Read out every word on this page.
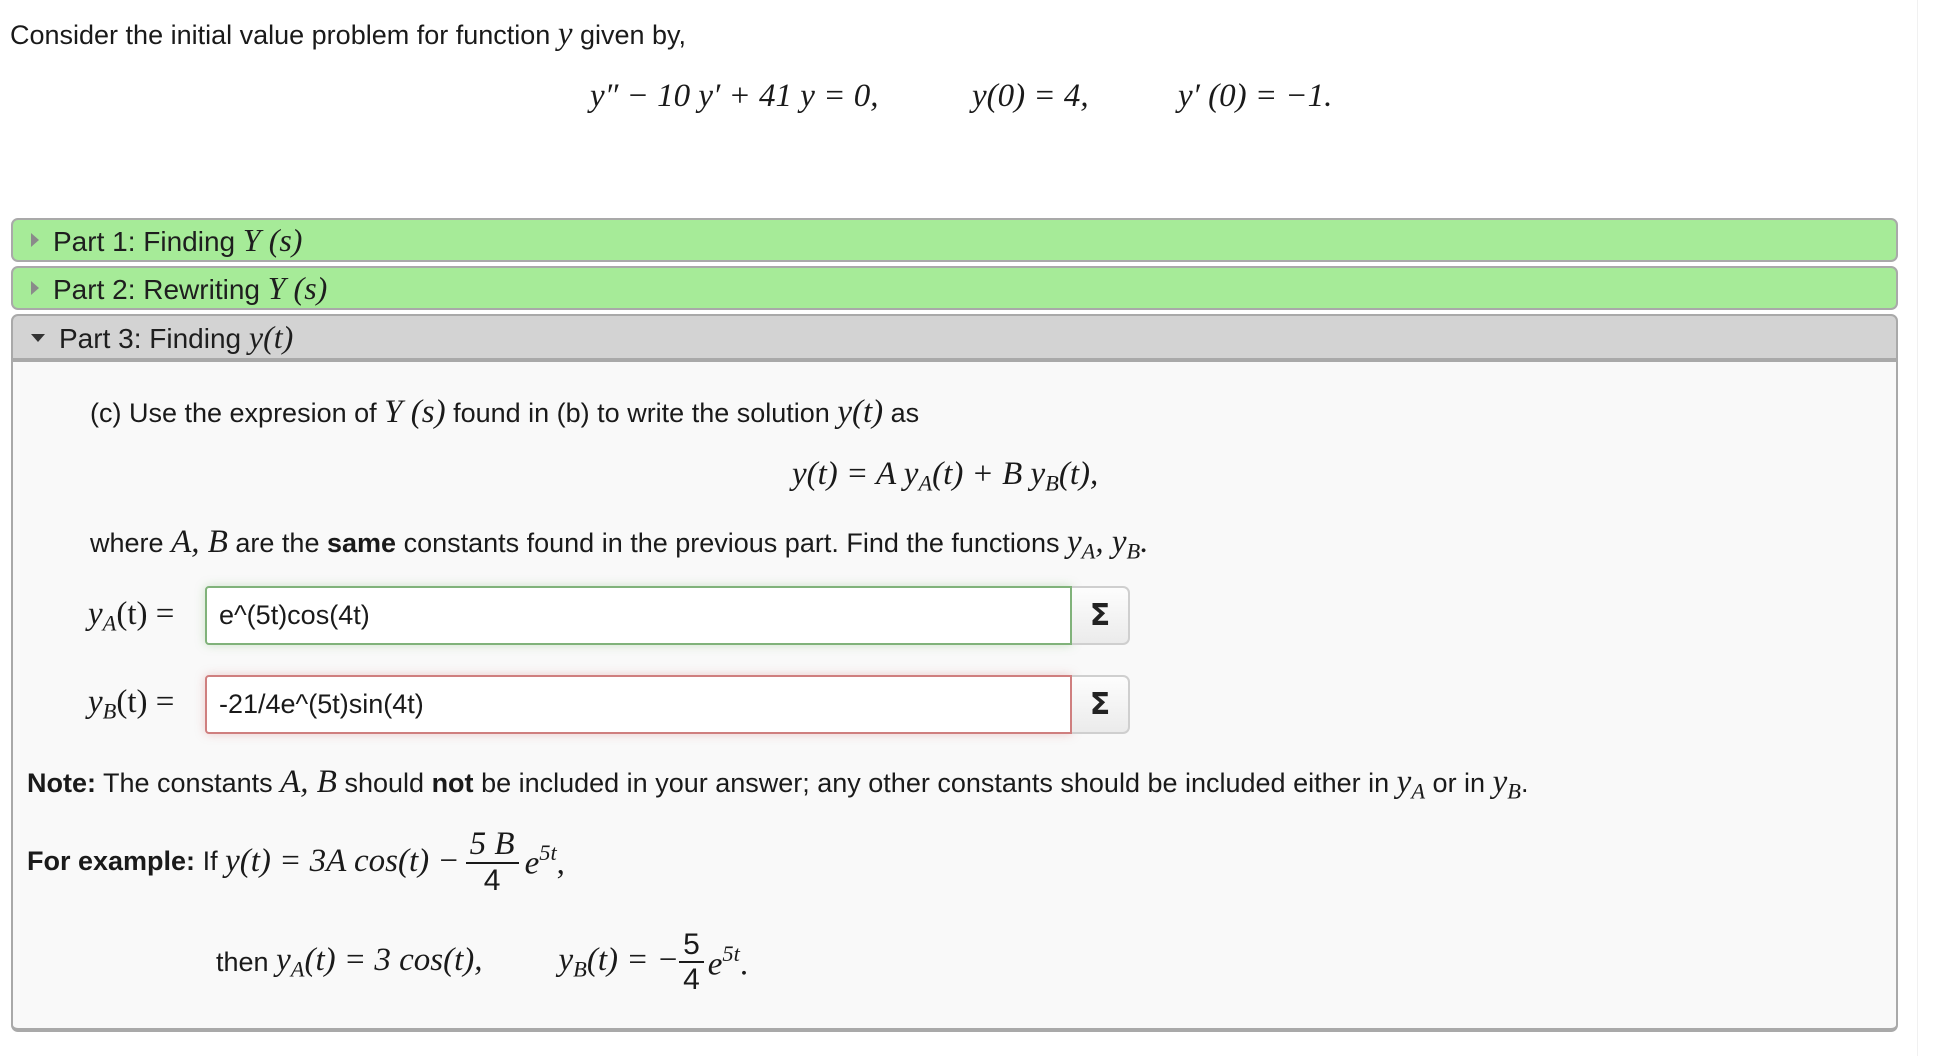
Consider the initial value problem for function y given by,
y″ − 10 y′ + 41 y = 0,	y(0) = 4,	y′ (0) = −1.
Part 1: Finding Y (s)
Part 2: Rewriting Y (s)
Part 3: Finding y(t)
(c) Use the expresion of Y (s) found in (b) to write the solution y(t) as
y(t) = A $y_A(t) + B$ $y_B(t)$,
where A, B are the same constants found in the previous part. Find the functions $y_A$, $y_B$.
$y_A(t)$ =
e^(5t)cos(4t)	Σ
$y_B(t)$ =
-21/4e^(5t)sin(4t)	Σ
Note: The constants A, B should not be included in your answer; any other constants should be included either in $y_A$ or in $y_B$.
For example:
If
y(t) = 3A $\cos(t) - \frac{5 B}{4} e^{5t}$,
then
$y_A(t) = 3$ cos(t), $y_B(t)$ = − $\frac{5}{4} e^{5t}$.
